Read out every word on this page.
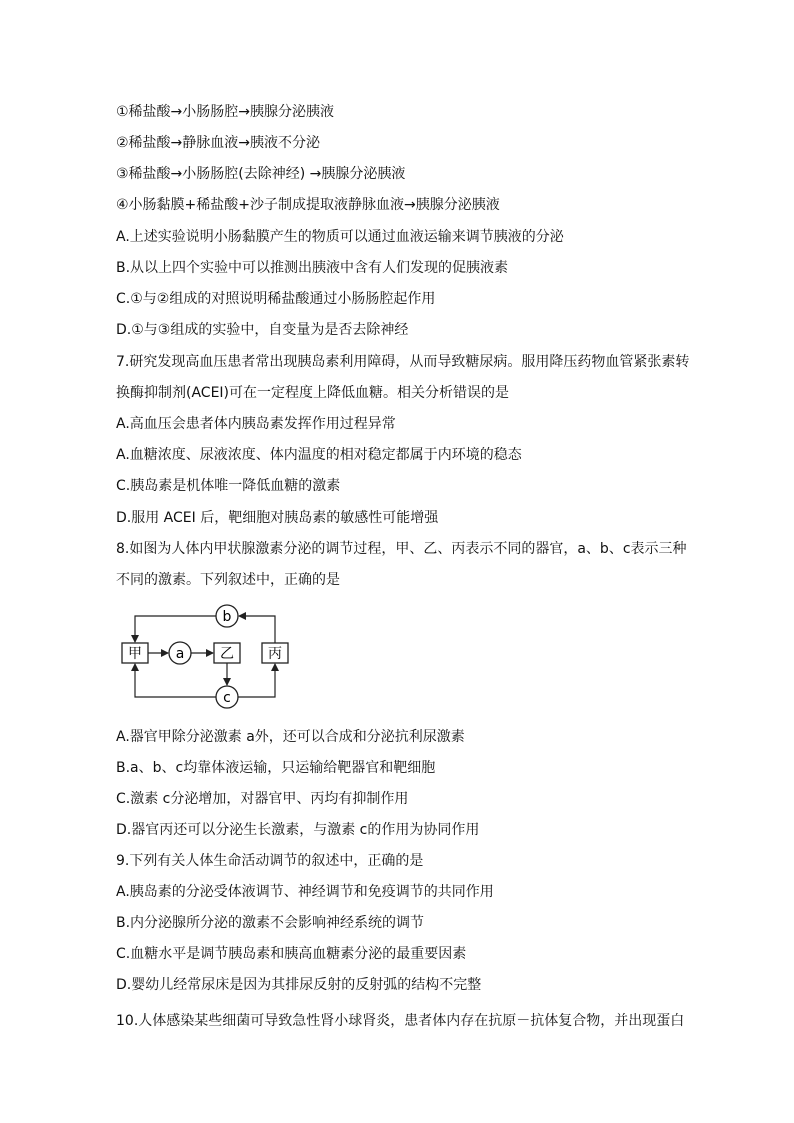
①稀盐酸→小肠肠腔→胰腺分泌胰液
②稀盐酸→静脉血液→胰液不分泌
③稀盐酸→小肠肠腔(去除神经) →胰腺分泌胰液
④小肠黏膜+稀盐酸+沙子制成提取液静脉血液→胰腺分泌胰液
A.上述实验说明小肠黏膜产生的物质可以通过血液运输来调节胰液的分泌
B.从以上四个实验中可以推测出胰液中含有人们发现的促胰液素
C.①与②组成的对照说明稀盐酸通过小肠肠腔起作用
D.①与③组成的实验中，自变量为是否去除神经
7.研究发现高血压患者常出现胰岛素利用障碍，从而导致糖尿病。服用降压药物血管紧张素转
换酶抑制剂(ACEI)可在一定程度上降低血糖。相关分析错误的是
A.高血压会患者体内胰岛素发挥作用过程异常
A.血糖浓度、尿液浓度、体内温度的相对稳定都属于内环境的稳态
C.胰岛素是机体唯一降低血糖的激素
D.服用 ACEI 后，靶细胞对胰岛素的敏感性可能增强
8.如图为人体内甲状腺激素分泌的调节过程，甲、乙、丙表示不同的器官，a、b、c表示三种
不同的激素。下列叙述中，正确的是
甲 a	乙 丙
b
c
A.器官甲除分泌激素 a外，还可以合成和分泌抗利尿激素
B.a、b、c均靠体液运输，只运输给靶器官和靶细胞
C.激素 c分泌增加，对器官甲、丙均有抑制作用
D.器官丙还可以分泌生长激素，与激素 c的作用为协同作用
9.下列有关人体生命活动调节的叙述中，正确的是
A.胰岛素的分泌受体液调节、神经调节和免疫调节的共同作用
B.内分泌腺所分泌的激素不会影响神经系统的调节
C.血糖水平是调节胰岛素和胰高血糖素分泌的最重要因素
D.婴幼儿经常尿床是因为其排尿反射的反射弧的结构不完整
10.人体感染某些细菌可导致急性肾小球肾炎，患者体内存在抗原－抗体复合物，并出现蛋白
